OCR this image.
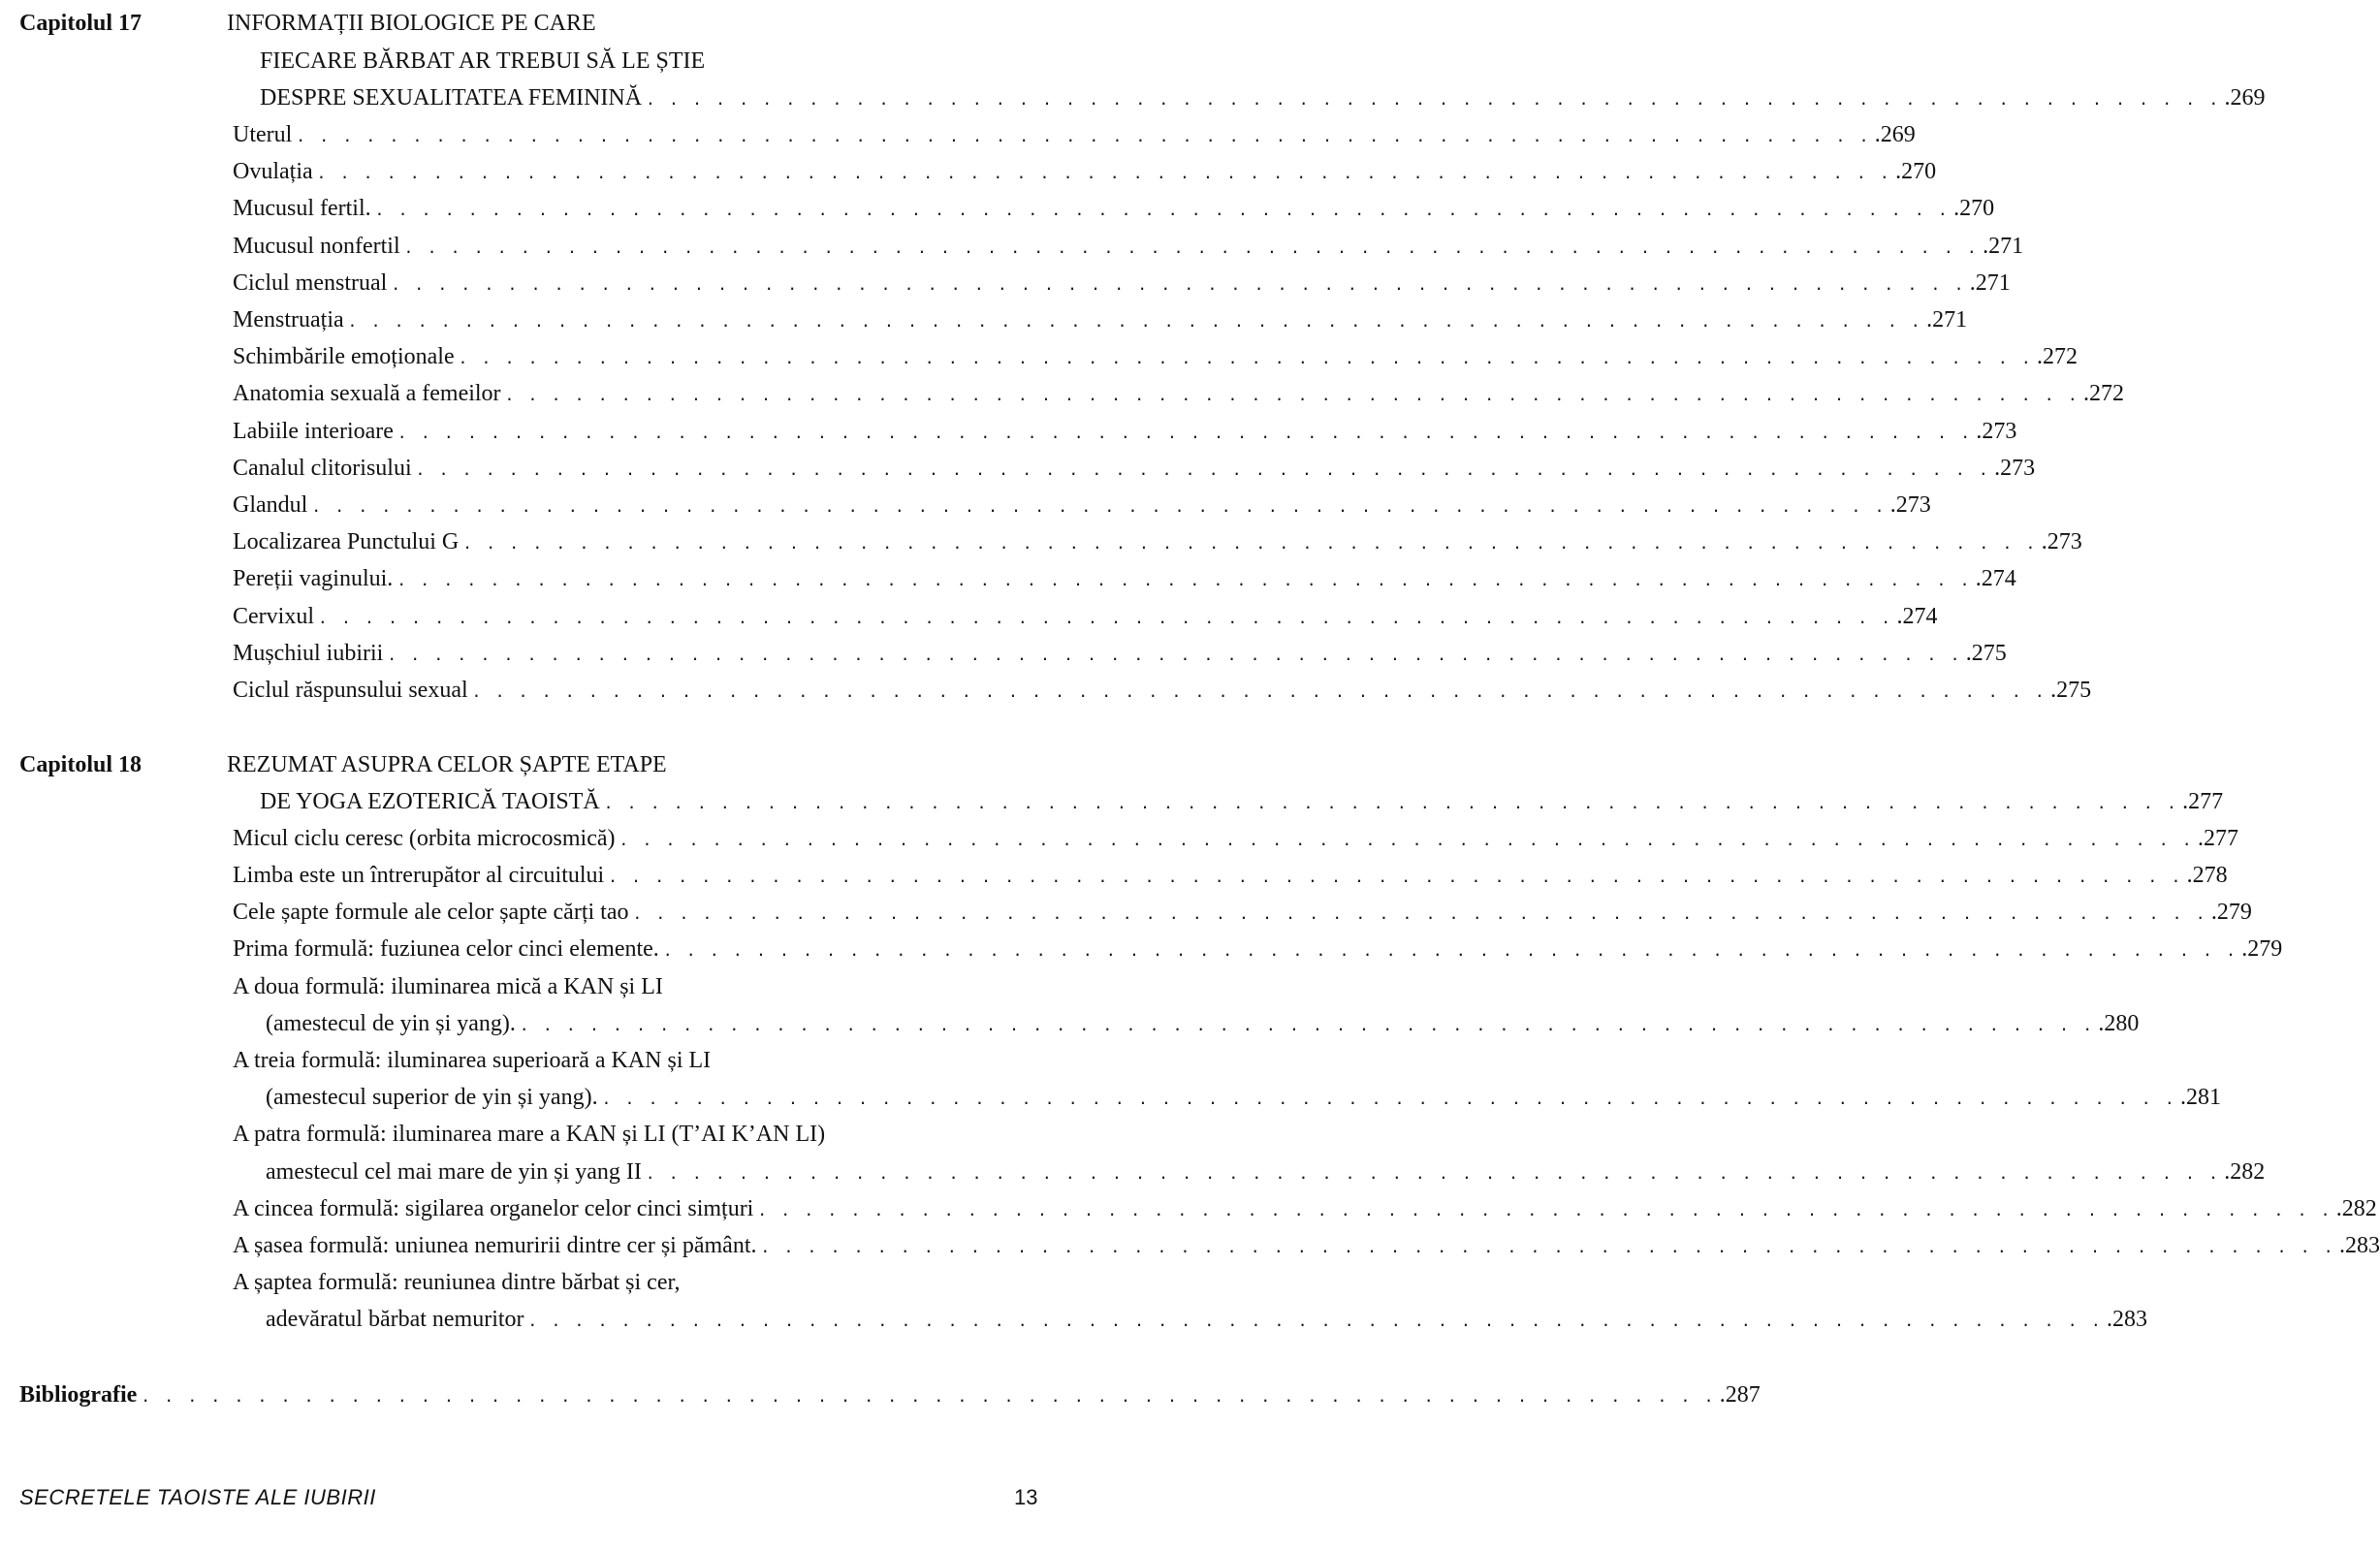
Capitolul 17	INFORMAȚII BIOLOGICE PE CARE
FIECARE BĂRBAT AR TREBUI SĂ LE ȘTIE
DESPRE SEXUALITATEA FEMININĂ . . . . . . . . . . . . . . . . . . . . . . . . . . . . . . . . . . . . . . . . . . . . . . . . . . . . . . . . . . . . . . . . . . . . .269
Uterul . . . . . . . . . . . . . . . . . . . . . . . . . . . . . . . . . . . . . . . . . . . . . . . . . . . . . . . . . . . . . . . . . . . . .269
Ovulația . . . . . . . . . . . . . . . . . . . . . . . . . . . . . . . . . . . . . . . . . . . . . . . . . . . . . . . . . . . . . . . . . . . . .270
Mucusul fertil. . . . . . . . . . . . . . . . . . . . . . . . . . . . . . . . . . . . . . . . . . . . . . . . . . . . . . . . . . . . . . . . . . . . . .270
Mucusul nonfertil . . . . . . . . . . . . . . . . . . . . . . . . . . . . . . . . . . . . . . . . . . . . . . . . . . . . . . . . . . . . . . . . . . . . .271
Ciclul menstrual . . . . . . . . . . . . . . . . . . . . . . . . . . . . . . . . . . . . . . . . . . . . . . . . . . . . . . . . . . . . . . . . . . . . .271
Menstruația . . . . . . . . . . . . . . . . . . . . . . . . . . . . . . . . . . . . . . . . . . . . . . . . . . . . . . . . . . . . . . . . . . . . .271
Schimbările emoționale . . . . . . . . . . . . . . . . . . . . . . . . . . . . . . . . . . . . . . . . . . . . . . . . . . . . . . . . . . . . . . . . . . . . .272
Anatomia sexuală a femeilor . . . . . . . . . . . . . . . . . . . . . . . . . . . . . . . . . . . . . . . . . . . . . . . . . . . . . . . . . . . . . . . . . . . . .272
Labiile interioare . . . . . . . . . . . . . . . . . . . . . . . . . . . . . . . . . . . . . . . . . . . . . . . . . . . . . . . . . . . . . . . . . . . . .273
Canalul clitorisului . . . . . . . . . . . . . . . . . . . . . . . . . . . . . . . . . . . . . . . . . . . . . . . . . . . . . . . . . . . . . . . . . . . . .273
Glandul . . . . . . . . . . . . . . . . . . . . . . . . . . . . . . . . . . . . . . . . . . . . . . . . . . . . . . . . . . . . . . . . . . . . .273
Localizarea Punctului G . . . . . . . . . . . . . . . . . . . . . . . . . . . . . . . . . . . . . . . . . . . . . . . . . . . . . . . . . . . . . . . . . . . . .273
Pereții vaginului. . . . . . . . . . . . . . . . . . . . . . . . . . . . . . . . . . . . . . . . . . . . . . . . . . . . . . . . . . . . . . . . . . . . . .274
Cervixul . . . . . . . . . . . . . . . . . . . . . . . . . . . . . . . . . . . . . . . . . . . . . . . . . . . . . . . . . . . . . . . . . . . . .274
Mușchiul iubirii . . . . . . . . . . . . . . . . . . . . . . . . . . . . . . . . . . . . . . . . . . . . . . . . . . . . . . . . . . . . . . . . . . . . .275
Ciclul răspunsului sexual . . . . . . . . . . . . . . . . . . . . . . . . . . . . . . . . . . . . . . . . . . . . . . . . . . . . . . . . . . . . . . . . . . . . .275
Capitolul 18	REZUMAT ASUPRA CELOR ȘAPTE ETAPE
DE YOGA EZOTERICĂ TAOISTĂ . . . . . . . . . . . . . . . . . . . . . . . . . . . . . . . . . . . . . . . . . . . . . . . . . . . . . . . . . . . . . . . . . . . . .277
Micul ciclu ceresc (orbita microcosmică) . . . . . . . . . . . . . . . . . . . . . . . . . . . . . . . . . . . . . . . . . . . . . . . . . . . . . . . . . . . . . . . . . . . . .277
Limba este un întrerupător al circuitului . . . . . . . . . . . . . . . . . . . . . . . . . . . . . . . . . . . . . . . . . . . . . . . . . . . . . . . . . . . . . . . . . . . . .278
Cele șapte formule ale celor șapte cărți tao . . . . . . . . . . . . . . . . . . . . . . . . . . . . . . . . . . . . . . . . . . . . . . . . . . . . . . . . . . . . . . . . . . . . .279
Prima formulă: fuziunea celor cinci elemente. . . . . . . . . . . . . . . . . . . . . . . . . . . . . . . . . . . . . . . . . . . . . . . . . . . . . . . . . . . . . . . . . . . . . .279
A doua formulă: iluminarea mică a KAN și LI
(amestecul de yin și yang). . . . . . . . . . . . . . . . . . . . . . . . . . . . . . . . . . . . . . . . . . . . . . . . . . . . . . . . . . . . . . . . . . . . . .280
A treia formulă: iluminarea superioară a KAN și LI
(amestecul superior de yin și yang). . . . . . . . . . . . . . . . . . . . . . . . . . . . . . . . . . . . . . . . . . . . . . . . . . . . . . . . . . . . . . . . . . . . . .281
A patra formulă: iluminarea mare a KAN și LI (T’AI K’AN LI)
amestecul cel mai mare de yin și yang II . . . . . . . . . . . . . . . . . . . . . . . . . . . . . . . . . . . . . . . . . . . . . . . . . . . . . . . . . . . . . . . . . . . . .282
A cincea formulă: sigilarea organelor celor cinci simțuri . . . . . . . . . . . . . . . . . . . . . . . . . . . . . . . . . . . . . . . . . . . . . . . . . . . . . . . . . . . . . . . . . . . . .282
A șasea formulă: uniunea nemuririi dintre cer și pământ. . . . . . . . . . . . . . . . . . . . . . . . . . . . . . . . . . . . . . . . . . . . . . . . . . . . . . . . . . . . . . . . . . . . . .283
A șaptea formulă: reuniunea dintre bărbat și cer,
adevăratul bărbat nemuritor . . . . . . . . . . . . . . . . . . . . . . . . . . . . . . . . . . . . . . . . . . . . . . . . . . . . . . . . . . . . . . . . . . . . .283
Bibliografie . . . . . . . . . . . . . . . . . . . . . . . . . . . . . . . . . . . . . . . . . . . . . . . . . . . . . . . . . . . . . . . . . . . . .287
SECRETELE TAOISTE ALE IUBIRII	13
